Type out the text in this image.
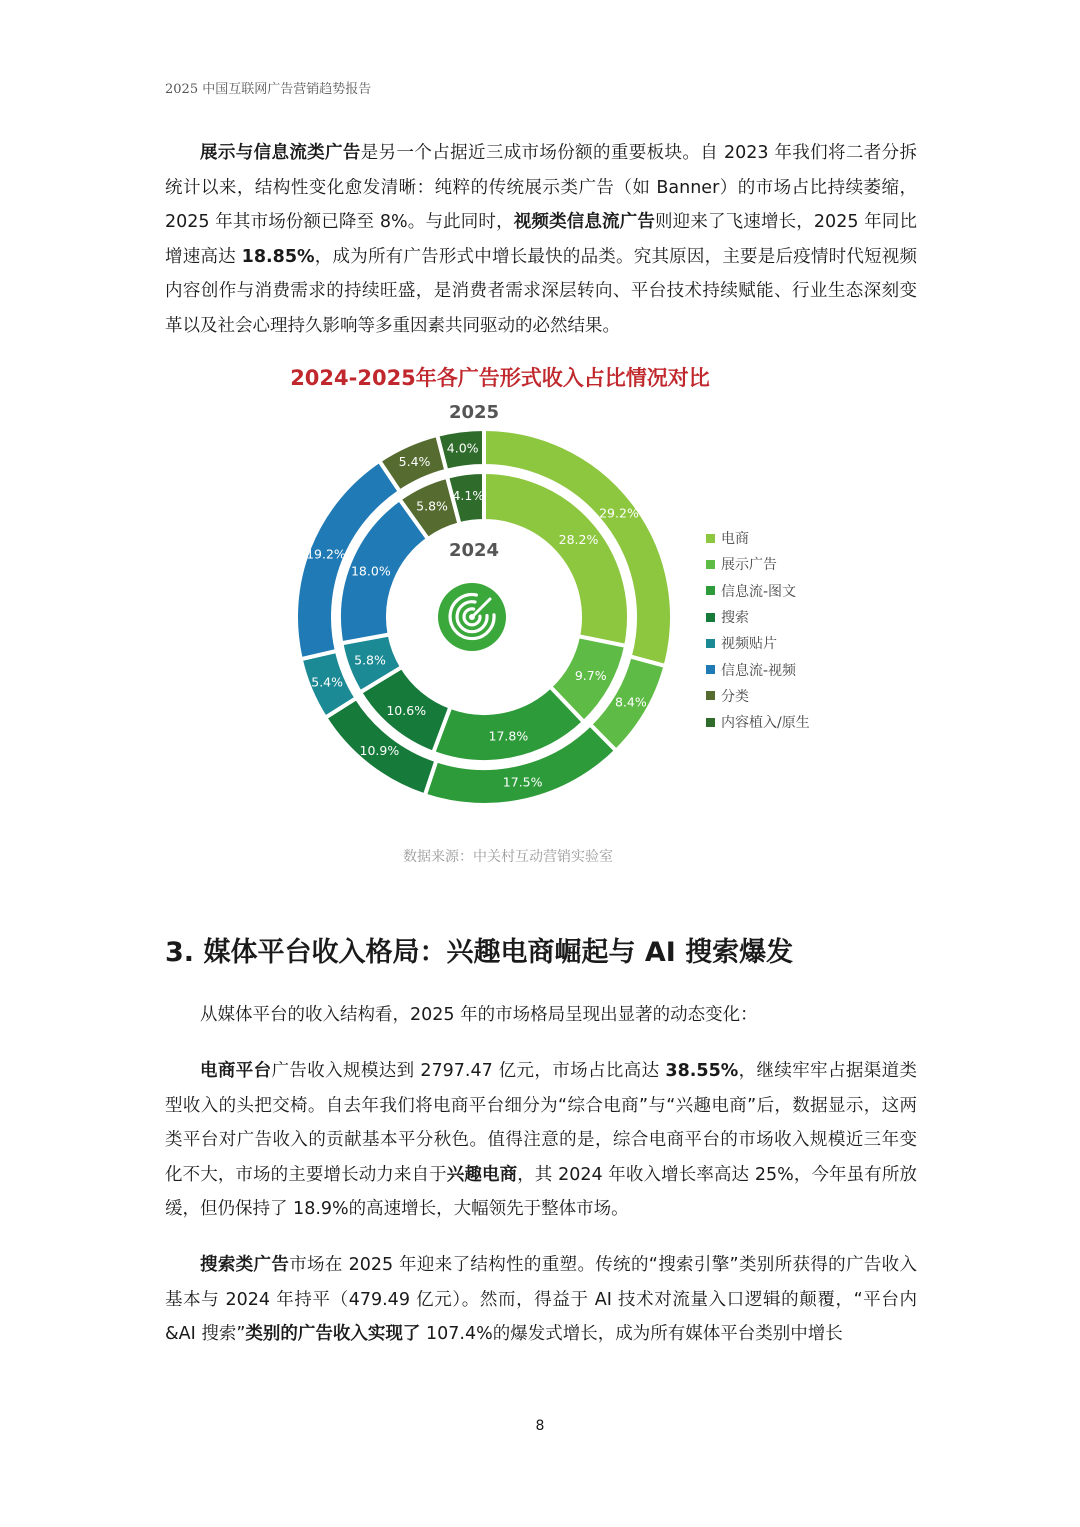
2025 中国互联网广告营销趋势报告

展示与信息流类广告是另一个占据近三成市场份额的重要板块。自 2023 年我们将二者分拆统计以来，结构性变化愈发清晰：纯粹的传统展示类广告（如 Banner）的市场占比持续萎缩，2025 年其市场份额已降至 8%。与此同时，视频类信息流广告则迎来了飞速增长，2025 年同比增速高达 18.85%，成为所有广告形式中增长最快的品类。究其原因，主要是后疫情时代短视频内容创作与消费需求的持续旺盛，是消费者需求深层转向、平台技术持续赋能、行业生态深刻变革以及社会心理持久影响等多重因素共同驱动的必然结果。

2024-2025年各广告形式收入占比情况对比
29.2%
8.4%
17.5%
10.9%
5.4%
19.2%
5.4%
4.0%
28.2%
9.7%
17.8%
10.6%
5.8%
18.0%
5.8%
4.1%
2025
2024
电商
展示广告
信息流-图文
搜索
视频贴片
信息流-视频
分类
内容植入/原生
数据来源：中关村互动营销实验室
3. 媒体平台收入格局：兴趣电商崛起与 AI 搜索爆发

从媒体平台的收入结构看，2025 年的市场格局呈现出显著的动态变化：

电商平台广告收入规模达到 2797.47 亿元，市场占比高达 38.55%，继续牢牢占据渠道类型收入的头把交椅。自去年我们将电商平台细分为“综合电商”与“兴趣电商”后，数据显示，这两类平台对广告收入的贡献基本平分秋色。值得注意的是，综合电商平台的市场收入规模近三年变化不大，市场的主要增长动力来自于兴趣电商，其 2024 年收入增长率高达 25%，今年虽有所放缓，但仍保持了 18.9%的高速增长，大幅领先于整体市场。

搜索类广告市场在 2025 年迎来了结构性的重塑。传统的“搜索引擎”类别所获得的广告收入基本与 2024 年持平（479.49 亿元）。然而，得益于 AI 技术对流量入口逻辑的颠覆，“平台内&AI 搜索”类别的广告收入实现了 107.4%的爆发式增长，成为所有媒体平台类别中增长

8
